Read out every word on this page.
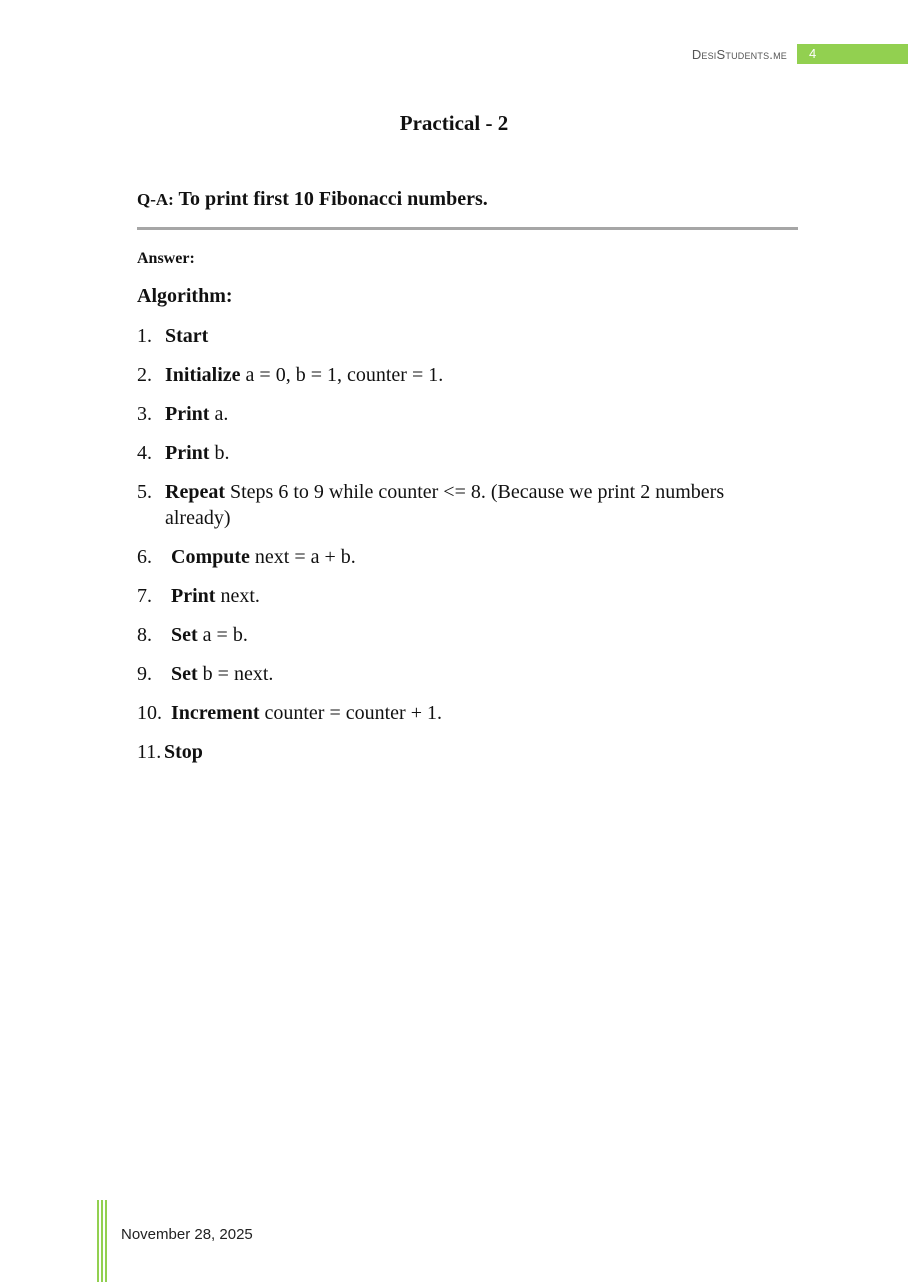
DesiStudents.me	4
Practical - 2
Q-A: To print first 10 Fibonacci numbers.
Answer:
Algorithm:
1. Start
2. Initialize a = 0, b = 1, counter = 1.
3. Print a.
4. Print b.
5. Repeat Steps 6 to 9 while counter <= 8. (Because we print 2 numbers already)
6. Compute next = a + b.
7. Print next.
8. Set a = b.
9. Set b = next.
10. Increment counter = counter + 1.
11. Stop
November 28, 2025
